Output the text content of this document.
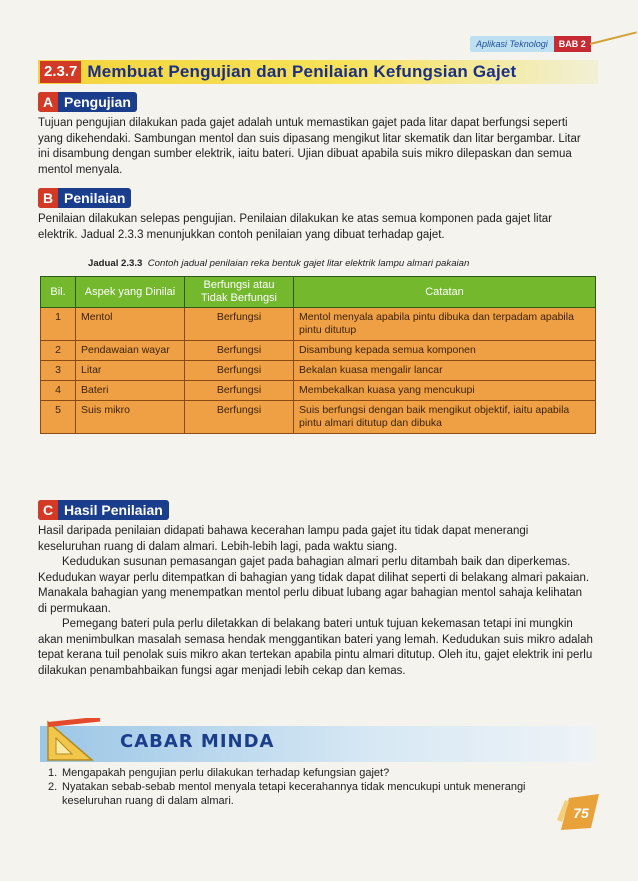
Aplikasi Teknologi	BAB 2
2.3.7 Membuat Pengujian dan Penilaian Kefungsian Gajet
A Pengujian

Tujuan pengujian dilakukan pada gajet adalah untuk memastikan gajet pada litar dapat berfungsi seperti yang dikehendaki. Sambungan mentol dan suis dipasang mengikut litar skematik dan litar bergambar. Litar ini disambung dengan sumber elektrik, iaitu bateri. Ujian dibuat apabila suis mikro dilepaskan dan semua mentol menyala.

B Penilaian

Penilaian dilakukan selepas pengujian. Penilaian dilakukan ke atas semua komponen pada gajet litar elektrik. Jadual 2.3.3 menunjukkan contoh penilaian yang dibuat terhadap gajet.

Jadual 2.3.3 Contoh jadual penilaian reka bentuk gajet litar elektrik lampu almari pakaian
Bil.	Aspek yang Dinilai	Berfungsi atau Tidak Berfungsi	Catatan
1	Mentol	Berfungsi	Mentol menyala apabila pintu dibuka dan terpadam apabila pintu ditutup
2	Pendawaian wayar	Berfungsi	Disambung kepada semua komponen
3	Litar	Berfungsi	Bekalan kuasa mengalir lancar
4	Bateri	Berfungsi	Membekalkan kuasa yang mencukupi
5	Suis mikro	Berfungsi	Suis berfungsi dengan baik mengikut objektif, iaitu apabila pintu almari ditutup dan dibuka
C Hasil Penilaian

Hasil daripada penilaian didapati bahawa kecerahan lampu pada gajet itu tidak dapat menerangi keseluruhan ruang di dalam almari. Lebih-lebih lagi, pada waktu siang.

Kedudukan susunan pemasangan gajet pada bahagian almari perlu ditambah baik dan diperkemas. Kedudukan wayar perlu ditempatkan di bahagian yang tidak dapat dilihat seperti di belakang almari pakaian. Manakala bahagian yang menempatkan mentol perlu dibuat lubang agar bahagian mentol sahaja kelihatan di permukaan.

Pemegang bateri pula perlu diletakkan di belakang bateri untuk tujuan kekemasan tetapi ini mungkin akan menimbulkan masalah semasa hendak menggantikan bateri yang lemah. Kedudukan suis mikro adalah tepat kerana tuil penolak suis mikro akan tertekan apabila pintu almari ditutup. Oleh itu, gajet elektrik ini perlu dilakukan penambahbaikan fungsi agar menjadi lebih cekap dan kemas.

CABAR MINDA
1. Mengapakah pengujian perlu dilakukan terhadap kefungsian gajet?
2. Nyatakan sebab-sebab mentol menyala tetapi kecerahannya tidak mencukupi untuk menerangi keseluruhan ruang di dalam almari.
75
